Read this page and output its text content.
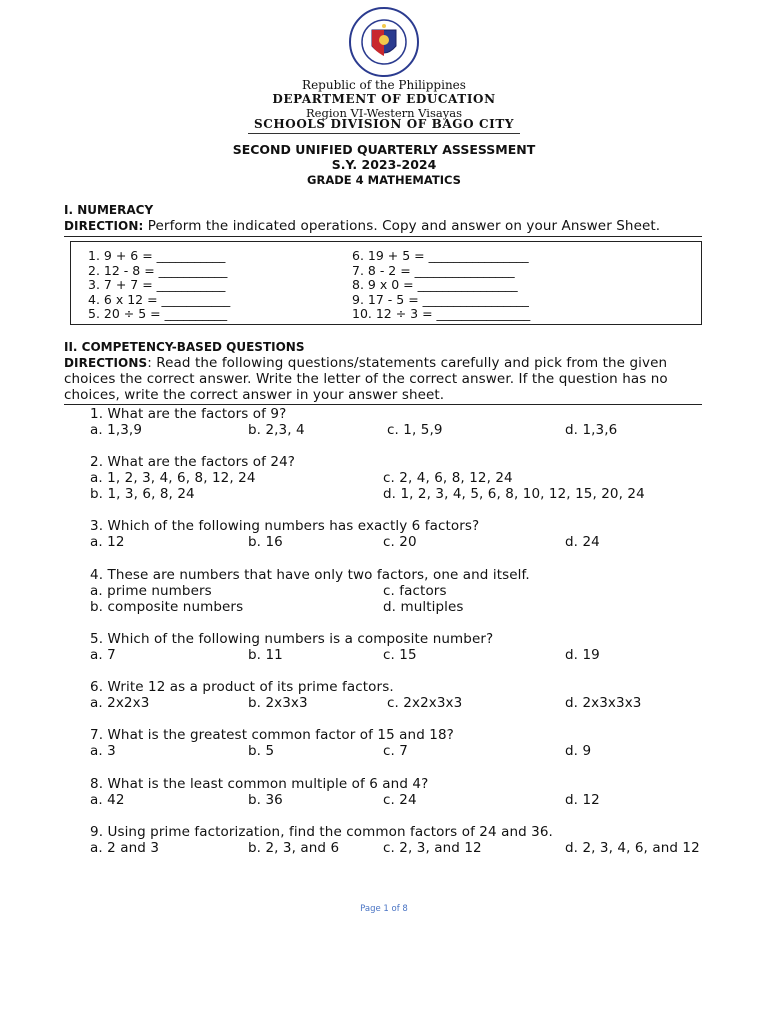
Republic of the Philippines
DEPARTMENT OF EDUCATION
Region VI-Western Visayas
SCHOOLS DIVISION OF BAGO CITY
SECOND UNIFIED QUARTERLY ASSESSMENT
S.Y. 2023-2024
GRADE 4 MATHEMATICS
I. NUMERACY
DIRECTION: Perform the indicated operations. Copy and answer on your Answer Sheet.
1. 9 + 6 = ___________
2. 12 - 8 = ___________
3. 7 + 7 = ___________
4. 6 x 12 = ___________
5. 20 ÷ 5 = __________
6. 19 + 5 = ________________
7. 8 - 2 = ________________
8. 9 x 0 = ________________
9. 17 - 5 = _________________
10. 12 ÷ 3 = _______________
II. COMPETENCY-BASED QUESTIONS
DIRECTIONS: Read the following questions/statements carefully and pick from the given
choices the correct answer. Write the letter of the correct answer. If the question has no
choices, write the correct answer in your answer sheet.
1. What are the factors of 9?
a. 1,3,9	b. 2,3, 4	c. 1, 5,9	d. 1,3,6
2. What are the factors of 24?
a. 1, 2, 3, 4, 6, 8, 12, 24	c. 2, 4, 6, 8, 12, 24
b. 1, 3, 6, 8, 24	d. 1, 2, 3, 4, 5, 6, 8, 10, 12, 15, 20, 24
3. Which of the following numbers has exactly 6 factors?
a. 12	b. 16	c. 20	d. 24
4. These are numbers that have only two factors, one and itself.
a. prime numbers	c. factors
b. composite numbers	d. multiples
5. Which of the following numbers is a composite number?
a. 7	b. 11	c. 15	d. 19
6. Write 12 as a product of its prime factors.
a. 2x2x3	b. 2x3x3	c. 2x2x3x3	d. 2x3x3x3
7. What is the greatest common factor of 15 and 18?
a. 3	b. 5	c. 7	d. 9
8. What is the least common multiple of 6 and 4?
a. 42	b. 36	c. 24	d. 12
9. Using prime factorization, find the common factors of 24 and 36.
a. 2 and 3	b. 2, 3, and 6	c. 2, 3, and 12	d. 2, 3, 4, 6, and 12
Page 1 of 8
